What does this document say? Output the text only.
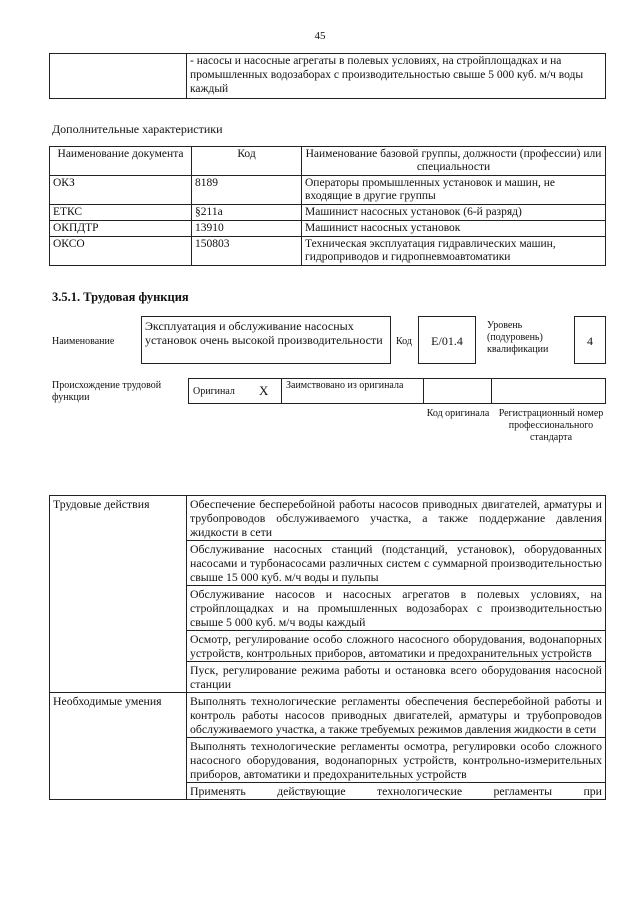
45
	- насосы и насосные агрегаты в полевых условиях, на стройплощадках и на промышленных водозаборах с производительностью свыше 5 000 куб. м/ч воды каждый
Дополнительные характеристики
Наименование документа	Код	Наименование базовой группы, должности (профессии) или специальности
ОКЗ	8189	Операторы промышленных установок и машин, не входящие в другие группы
ЕТКС	§211а	Машинист насосных установок (6-й разряд)
ОКПДТР	13910	Машинист насосных установок
ОКСО	150803	Техническая эксплуатация гидравлических машин, гидроприводов и гидропневмоавтоматики
3.5.1. Трудовая функция
Наименование
Эксплуатация и обслуживание насосных установок очень высокой производительности	Код	E/01.4
Уровень (подуровень) квалификации
4
Происхождение трудовой функции
Оригинал X Заимствовано из оригинала
Код оригинала Регистрационный номер профессионального стандарта
Трудовые действия	Обеспечение бесперебойной работы насосов приводных двигателей, арматуры и трубопроводов обслуживаемого участка, а также поддержание давления жидкости в сети
	Обслуживание насосных станций (подстанций, установок), оборудованных насосами и турбонасосами различных систем с суммарной производительностью свыше 15 000 куб. м/ч воды и пульпы
	Обслуживание насосов и насосных агрегатов в полевых условиях, на стройплощадках и на промышленных водозаборах с производительностью свыше 5 000 куб. м/ч воды каждый
	Осмотр, регулирование особо сложного насосного оборудования, водонапорных устройств, контрольных приборов, автоматики и предохранительных устройств
	Пуск, регулирование режима работы и остановка всего оборудования насосной станции
Необходимые умения	Выполнять технологические регламенты обеспечения бесперебойной работы и контроль работы насосов приводных двигателей, арматуры и трубопроводов обслуживаемого участка, а также требуемых режимов давления жидкости в сети
	Выполнять технологические регламенты осмотра, регулировки особо сложного насосного оборудования, водонапорных устройств, контрольно-измерительных приборов, автоматики и предохранительных устройств
	Применять действующие технологические регламенты при
